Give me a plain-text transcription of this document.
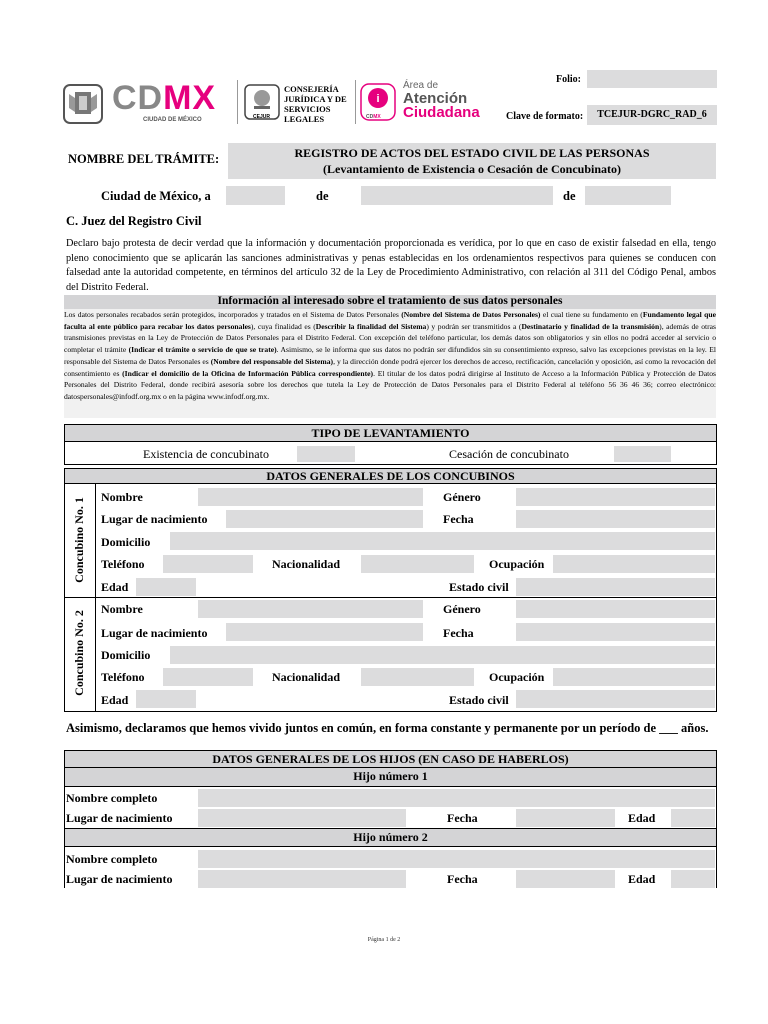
CDMX
CIUDAD DE MÉXICO	CEJUR
CONSEJERÍA
JURÍDICA Y DE
SERVICIOS
LEGALES
i
CDMX
Área de
Atención
Ciudadana
Folio:
Clave de formato:	TCEJUR-DGRC_RAD_6
NOMBRE DEL TRÁMITE:	REGISTRO DE ACTOS DEL ESTADO CIVIL DE LAS PERSONAS
(Levantamiento de Existencia o Cesación de Concubinato)
Ciudad de México, a	de	de
C. Juez del Registro Civil
Declaro bajo protesta de decir verdad que la información y documentación proporcionada es verídica, por lo que en caso de existir falsedad en ella, tengo pleno conocimiento que se aplicarán las sanciones administrativas y penas establecidas en los ordenamientos respectivos para quienes se conducen con falsedad ante la autoridad competente, en términos del artículo 32 de la Ley de Procedimiento Administrativo, con relación al 311 del Código Penal, ambos del Distrito Federal.
Información al interesado sobre el tratamiento de sus datos personales
Los datos personales recabados serán protegidos, incorporados y tratados en el Sistema de Datos Personales (Nombre del Sistema de Datos Personales) el cual tiene su fundamento en (Fundamento legal que faculta al ente público para recabar los datos personales), cuya finalidad es (Describir la finalidad del Sistema) y podrán ser transmitidos a (Destinatario y finalidad de la transmisión), además de otras transmisiones previstas en la Ley de Protección de Datos Personales para el Distrito Federal. Con excepción del teléfono particular, los demás datos son obligatorios y sin ellos no podrá acceder al servicio o completar el trámite (Indicar el trámite o servicio de que se trate). Asimismo, se le informa que sus datos no podrán ser difundidos sin su consentimiento expreso, salvo las excepciones previstas en la ley. El responsable del Sistema de Datos Personales es (Nombre del responsable del Sistema), y la dirección donde podrá ejercer los derechos de acceso, rectificación, cancelación y oposición, así como la revocación del consentimiento es (Indicar el domicilio de la Oficina de Información Pública correspondiente). El titular de los datos podrá dirigirse al Instituto de Acceso a la Información Pública y Protección de Datos Personales del Distrito Federal, donde recibirá asesoría sobre los derechos que tutela la Ley de Protección de Datos Personales para el Distrito Federal al teléfono 56 36 46 36; correo electrónico: datospersonales@infodf.org.mx o en la página www.infodf.org.mx.
TIPO DE LEVANTAMIENTO
Existencia de concubinato	Cesación de concubinato
DATOS GENERALES DE LOS CONCUBINOS
Concubino No. 1
Concubino No. 2
Nombre	Género
Lugar de nacimiento	Fecha
Domicilio
Teléfono	Nacionalidad	Ocupación
Edad	Estado civil
Nombre	Género
Lugar de nacimiento	Fecha
Domicilio
Teléfono	Nacionalidad	Ocupación
Edad	Estado civil
Asimismo, declaramos que hemos vivido juntos en común, en forma constante y permanente por un período de ___ años.
DATOS GENERALES DE LOS HIJOS (EN CASO DE HABERLOS)
Hijo número 1
Nombre completo
Lugar de nacimiento	Fecha	Edad
Hijo número 2
Nombre completo
Lugar de nacimiento	Fecha	Edad
Página 1 de 2
